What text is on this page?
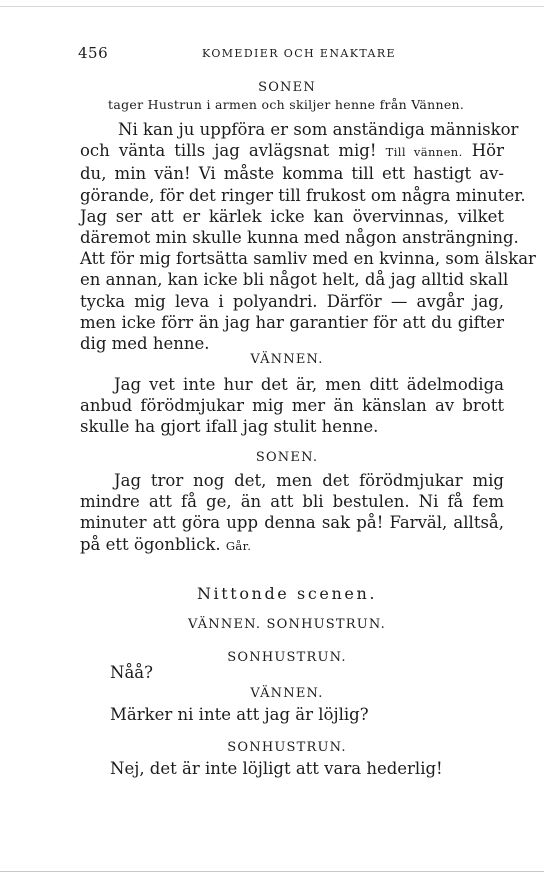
456	KOMEDIER OCH ENAKTARE
SONEN
tager Hustrun i armen och skiljer henne från Vännen.
Ni kan ju uppföra er som anständiga människor
och vänta tills jag avlägsnat mig! Till vännen. Hör
du, min vän! Vi måste komma till ett hastigt av-
görande, för det ringer till frukost om några minuter.
Jag ser att er kärlek icke kan övervinnas, vilket
däremot min skulle kunna med någon ansträngning.
Att för mig fortsätta samliv med en kvinna, som älskar
en annan, kan icke bli något helt, då jag alltid skall
tycka mig leva i polyandri. Därför — avgår jag,
men icke förr än jag har garantier för att du gifter
dig med henne.
VÄNNEN.
Jag vet inte hur det är, men ditt ädelmodiga
anbud förödmjukar mig mer än känslan av brott
skulle ha gjort ifall jag stulit henne.
SONEN.
Jag tror nog det, men det förödmjukar mig
mindre att få ge, än att bli bestulen. Ni få fem
minuter att göra upp denna sak på! Farväl, alltså,
på ett ögonblick. Går.
Nittonde scenen.
VÄNNEN. SONHUSTRUN.
SONHUSTRUN.
Nåå?
VÄNNEN.
Märker ni inte att jag är löjlig?
SONHUSTRUN.
Nej, det är inte löjligt att vara hederlig!
